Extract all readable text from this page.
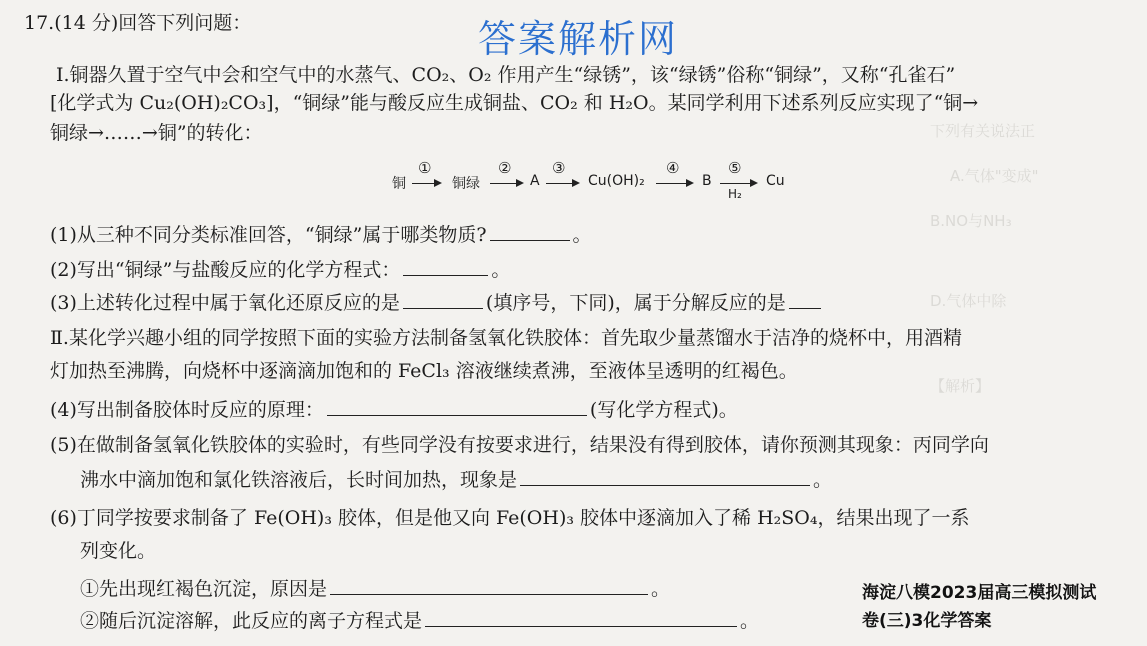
下列有关说法正
A.气体"变成"
B.NO与NH₃
D.气体中除
【解析】
答案解析网
17.(14 分)回答下列问题：
Ⅰ.铜器久置于空气中会和空气中的水蒸气、CO₂、O₂ 作用产生“绿锈”，该“绿锈”俗称“铜绿”，又称“孔雀石”
[化学式为 Cu₂(OH)₂CO₃]，“铜绿”能与酸反应生成铜盐、CO₂ 和 H₂O。某同学利用下述系列反应实现了“铜→
铜绿→……→铜”的转化：
铜
①
铜绿
②
A
③
Cu(OH)₂
④
B
⑤
H₂
Cu
(1)从三种不同分类标准回答，“铜绿”属于哪类物质?	。
(2)写出“铜绿”与盐酸反应的化学方程式：	。
(3)上述转化过程中属于氧化还原反应的是	(填序号，下同)，属于分解反应的是
Ⅱ.某化学兴趣小组的同学按照下面的实验方法制备氢氧化铁胶体：首先取少量蒸馏水于洁净的烧杯中，用酒精
灯加热至沸腾，向烧杯中逐滴滴加饱和的 FeCl₃ 溶液继续煮沸，至液体呈透明的红褐色。
(4)写出制备胶体时反应的原理：	(写化学方程式)。
(5)在做制备氢氧化铁胶体的实验时，有些同学没有按要求进行，结果没有得到胶体，请你预测其现象：丙同学向
沸水中滴加饱和氯化铁溶液后，长时间加热，现象是	。
(6)丁同学按要求制备了 Fe(OH)₃ 胶体，但是他又向 Fe(OH)₃ 胶体中逐滴加入了稀 H₂SO₄，结果出现了一系
列变化。
①先出现红褐色沉淀，原因是	。
②随后沉淀溶解，此反应的离子方程式是	。
海淀八模2023届高三模拟测试
卷(三)3化学答案
